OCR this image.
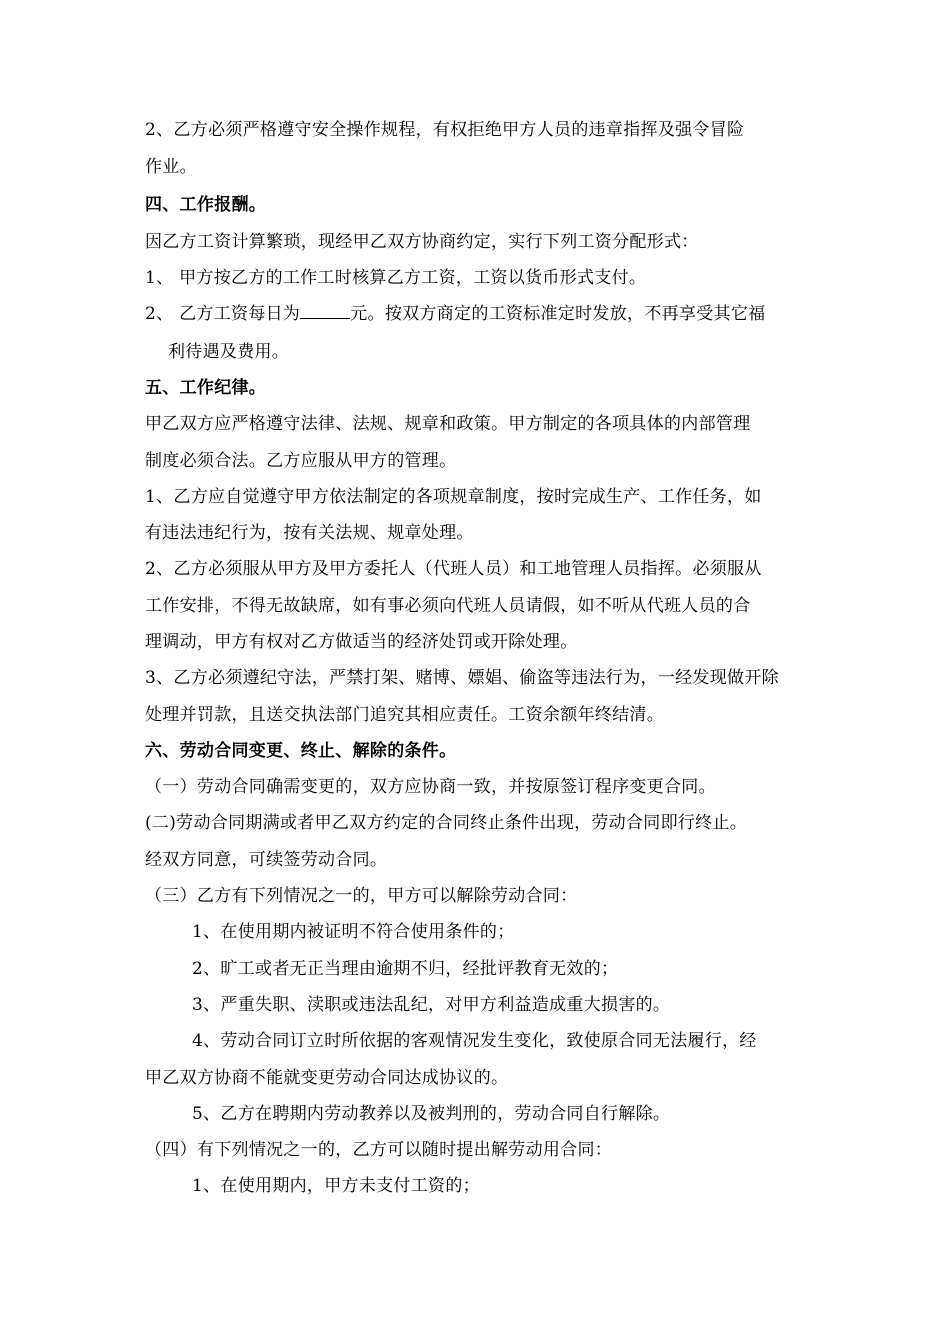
2、乙方必须严格遵守安全操作规程，有权拒绝甲方人员的违章指挥及强令冒险
作业。
四、工作报酬。
因乙方工资计算繁琐，现经甲乙双方协商约定，实行下列工资分配形式：
1、 甲方按乙方的工作工时核算乙方工资，工资以货币形式支付。
2、 乙方工资每日为	元。按双方商定的工资标准定时发放，不再享受其它福
利待遇及费用。
五、工作纪律。
甲乙双方应严格遵守法律、法规、规章和政策。甲方制定的各项具体的内部管理
制度必须合法。乙方应服从甲方的管理。
1、乙方应自觉遵守甲方依法制定的各项规章制度，按时完成生产、工作任务，如
有违法违纪行为，按有关法规、规章处理。
2、乙方必须服从甲方及甲方委托人（代班人员）和工地管理人员指挥。必须服从
工作安排，不得无故缺席，如有事必须向代班人员请假，如不听从代班人员的合
理调动，甲方有权对乙方做适当的经济处罚或开除处理。
3、乙方必须遵纪守法，严禁打架、赌博、嫖娼、偷盗等违法行为，一经发现做开除
处理并罚款，且送交执法部门追究其相应责任。工资余额年终结清。
六、劳动合同变更、终止、解除的条件。
（一）劳动合同确需变更的，双方应协商一致，并按原签订程序变更合同。
(二)劳动合同期满或者甲乙双方约定的合同终止条件出现，劳动合同即行终止。
经双方同意，可续签劳动合同。
（三）乙方有下列情况之一的，甲方可以解除劳动合同：
1、在使用期内被证明不符合使用条件的；
2、旷工或者无正当理由逾期不归，经批评教育无效的；
3、严重失职、渎职或违法乱纪，对甲方利益造成重大损害的。
4、劳动合同订立时所依据的客观情况发生变化，致使原合同无法履行，经
甲乙双方协商不能就变更劳动合同达成协议的。
5、乙方在聘期内劳动教养以及被判刑的，劳动合同自行解除。
（四）有下列情况之一的，乙方可以随时提出解劳动用合同：
1、在使用期内，甲方未支付工资的；
